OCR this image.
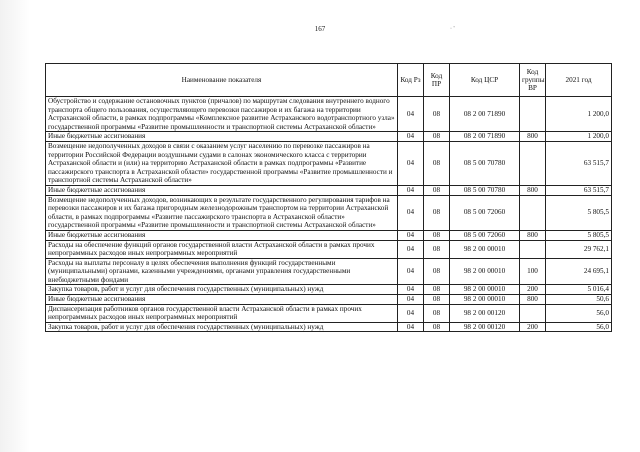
167	· '
Наименование показателя	Код Рз	Код ПР	Код ЦСР	Код группы ВР	2021 год
Обустройство и содержание остановочных пунктов (причалов) по маршрутам следования внутреннего водного транспорта общего пользования, осуществляющего перевозки пассажиров и их багажа на территории Астраханской области, в рамках подпрограммы «Комплексное развитие Астраханского водотранспортного узла» государственной программы «Развитие промышленности и транспортной системы Астраханской области»	04	08	08 2 00 71890		1 200,0
Иные бюджетные ассигнования	04	08	08 2 00 71890	800	1 200,0
Возмещение недополученных доходов в связи с оказанием услуг населению по перевозке пассажиров на территории Российской Федерации воздушными судами в салонах экономического класса с территории Астраханской области и (или) на территорию Астраханской области в рамках подпрограммы «Развитие пассажирского транспорта в Астраханской области» государственной программы «Развитие промышленности и транспортной системы Астраханской области»	04	08	08 5 00 70780		63 515,7
Иные бюджетные ассигнования	04	08	08 5 00 70780	800	63 515,7
Возмещение недополученных доходов, возникающих в результате государственного регулирования тарифов на перевозки пассажиров и их багажа пригородным железнодорожным транспортом на территории Астраханской области, в рамках подпрограммы «Развитие пассажирского транспорта в Астраханской области» государственной программы «Развитие промышленности и транспортной системы Астраханской области»	04	08	08 5 00 72060		5 805,5
Иные бюджетные ассигнования	04	08	08 5 00 72060	800	5 805,5
Расходы на обеспечение функций органов государственной власти Астраханской области в рамках прочих непрограммных расходов иных непрограммных мероприятий	04	08	98 2 00 00010		29 762,1
Расходы на выплаты персоналу в целях обеспечения выполнения функций государственными (муниципальными) органами, казенными учреждениями, органами управления государственными внебюджетными фондами	04	08	98 2 00 00010	100	24 695,1
Закупка товаров, работ и услуг для обеспечения государственных (муниципальных) нужд	04	08	98 2 00 00010	200	5 016,4
Иные бюджетные ассигнования	04	08	98 2 00 00010	800	50,6
Диспансеризация работников органов государственной власти Астраханской области в рамках прочих непрограммных расходов иных непрограммных мероприятий	04	08	98 2 00 00120		56,0
Закупка товаров, работ и услуг для обеспечения государственных (муниципальных) нужд	04	08	98 2 00 00120	200	56,0
